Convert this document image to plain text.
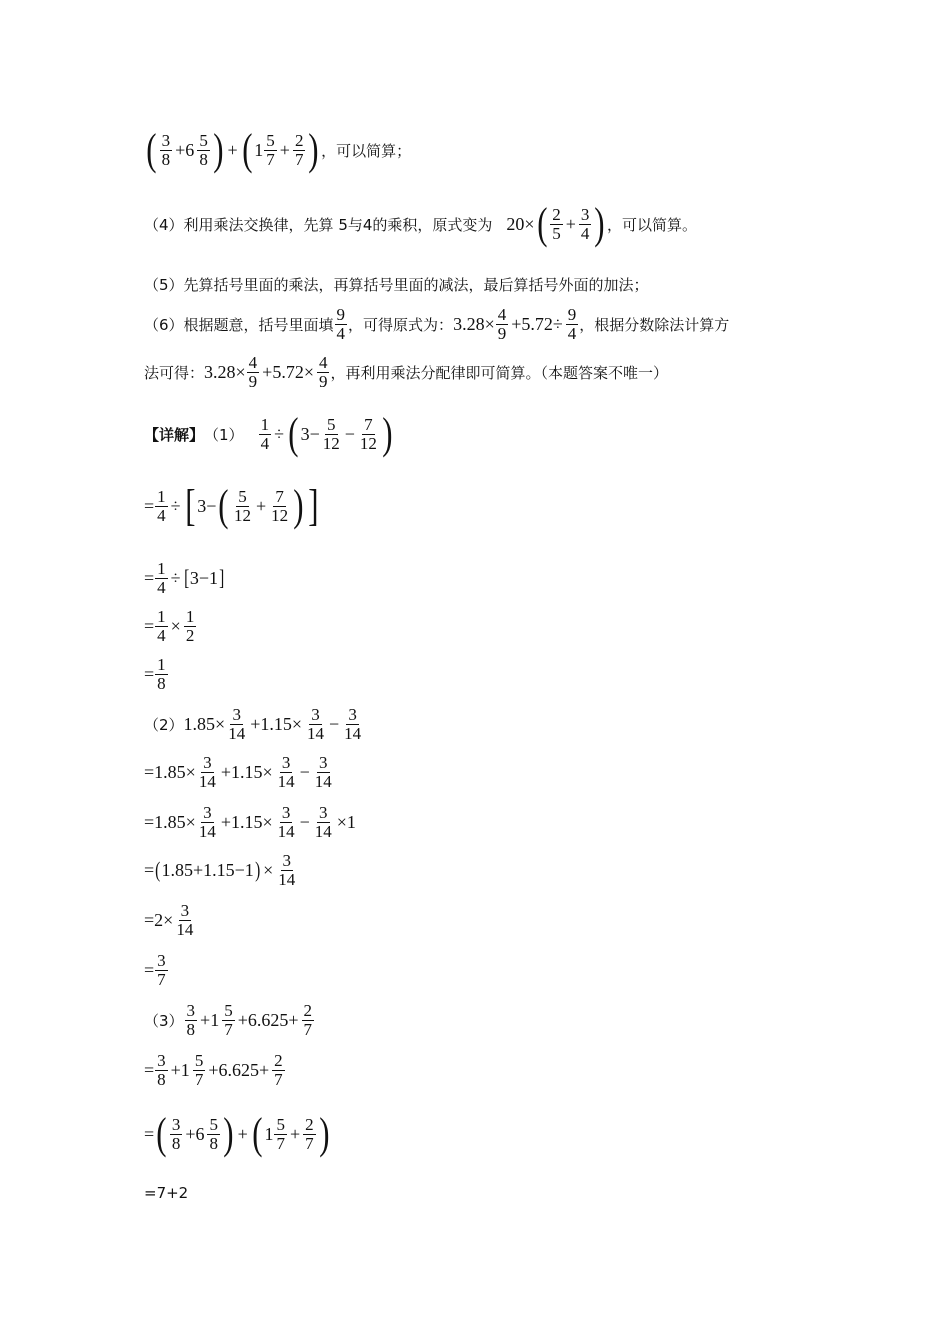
( $\frac{3}{8} +6 \frac{5}{8}$ ) + ( $1 \frac{5}{7} + \frac{2}{7}$ ) ，可以简算；
（4）利用乘法交换律，先算 5与4的乘积，原式变为 20× ( $\frac{2}{5} + \frac{3}{4}$ ) ，可以简算。
（5）先算括号里面的乘法，再算括号里面的减法，最后算括号外面的加法；
（6）根据题意，括号里面填 $\frac{9}{4}$ ，可得原式为： $3.28\times \frac{4}{9} +5.72\div \frac{9}{4}$ ，根据分数除法计算方
法可得： $3.28\times \frac{4}{9} +5.72\times \frac{4}{9}$ ，再利用乘法分配律即可简算。（本题答案不唯一）
【详解】 $(1) \frac{1}{4}$ ÷ ( $3- \frac{5}{12} - \frac{7}{12}$ )
= $\frac{1}{4}$ ÷ [ 3− ( $\frac{5}{12} + \frac{7}{12}$ ) ]
= $\frac{1}{4}$ ÷ [ 3−1 ]
= $\frac{1}{4} \times \frac{1}{2}$
= $\frac{1}{8}$
（2） $1.85\times \frac{3}{14} +1.15\times \frac{3}{14} - \frac{3}{14}$
$=1.85\times \frac{3}{14} +1.15\times \frac{3}{14} - \frac{3}{14}$
$=1.85\times \frac{3}{14} +1.15\times \frac{3}{14} - \frac{3}{14} \times 1$
= ( 1.85+1.15−1 ) × $\frac{3}{14}$
$=2\times \frac{3}{14}$
= $\frac{3}{7}$
$(3) \frac{3}{8} +1 \frac{5}{7} +6.625+ \frac{2}{7}$
= $\frac{3}{8} +1 \frac{5}{7} +6.625+ \frac{2}{7}$
= ( $\frac{3}{8} +6 \frac{5}{8}$ ) + ( $1 \frac{5}{7} + \frac{2}{7}$ )
=7+2
